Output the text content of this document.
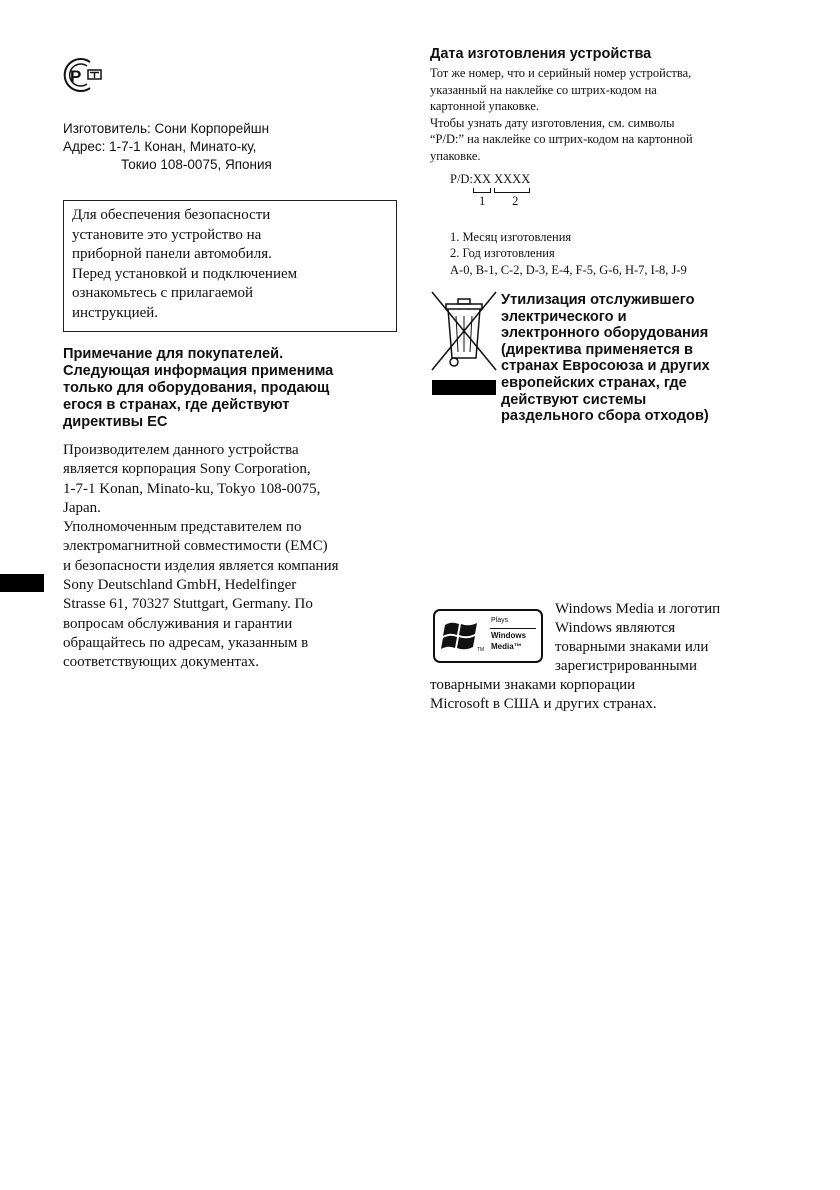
P
Изготовитель: Сони Корпорейшн
Адрес: 1-7-1 Конан, Минато-ку,
Токио 108-0075, Япония
Для обеспечения безопасности
установите это устройство на
приборной панели автомобиля.
Перед установкой и подключением
ознакомьтесь с прилагаемой
инструкцией.
Примечание для покупателей.
Следующая информация применима
только для оборудования, продающ
егося в странах, где действуют
директивы ЕС
Производителем данного устройства
является корпорация Sony Corporation,
1-7-1 Konan, Minato-ku, Tokyo 108-0075,
Japan.
Уполномоченным представителем по
электромагнитной совместимости (EMC)
и безопасности изделия является компания
Sony Deutschland GmbH, Hedelfinger
Strasse 61, 70327 Stuttgart, Germany. По
вопросам обслуживания и гарантии
обращайтесь по адресам, указанным в
соответствующих документах.
Дата изготовления устройства
Тот же номер, что и серийный номер устройства,
указанный на наклейке со штрих-кодом на
картонной упаковке.
Чтобы узнать дату изготовления, см. символы
“P/D:” на наклейке со штрих-кодом на картонной
упаковке.
P/D:XX
1
XXXX
2
1. Месяц изготовления
2. Год изготовления
A-0, B-1, C-2, D-3, E-4, F-5, G-6, H-7, I-8, J-9
Утилизация отслужившего
электрического и
электронного оборудования
(директива применяется в
странах Евросоюза и других
европейских странах, где
действуют системы
раздельного сбора отходов)
TM
Plays
Windows
Media™
Windows Media и логотип
Windows являются
товарными знаками или
зарегистрированными
товарными знаками корпорации
Microsoft в США и других странах.
